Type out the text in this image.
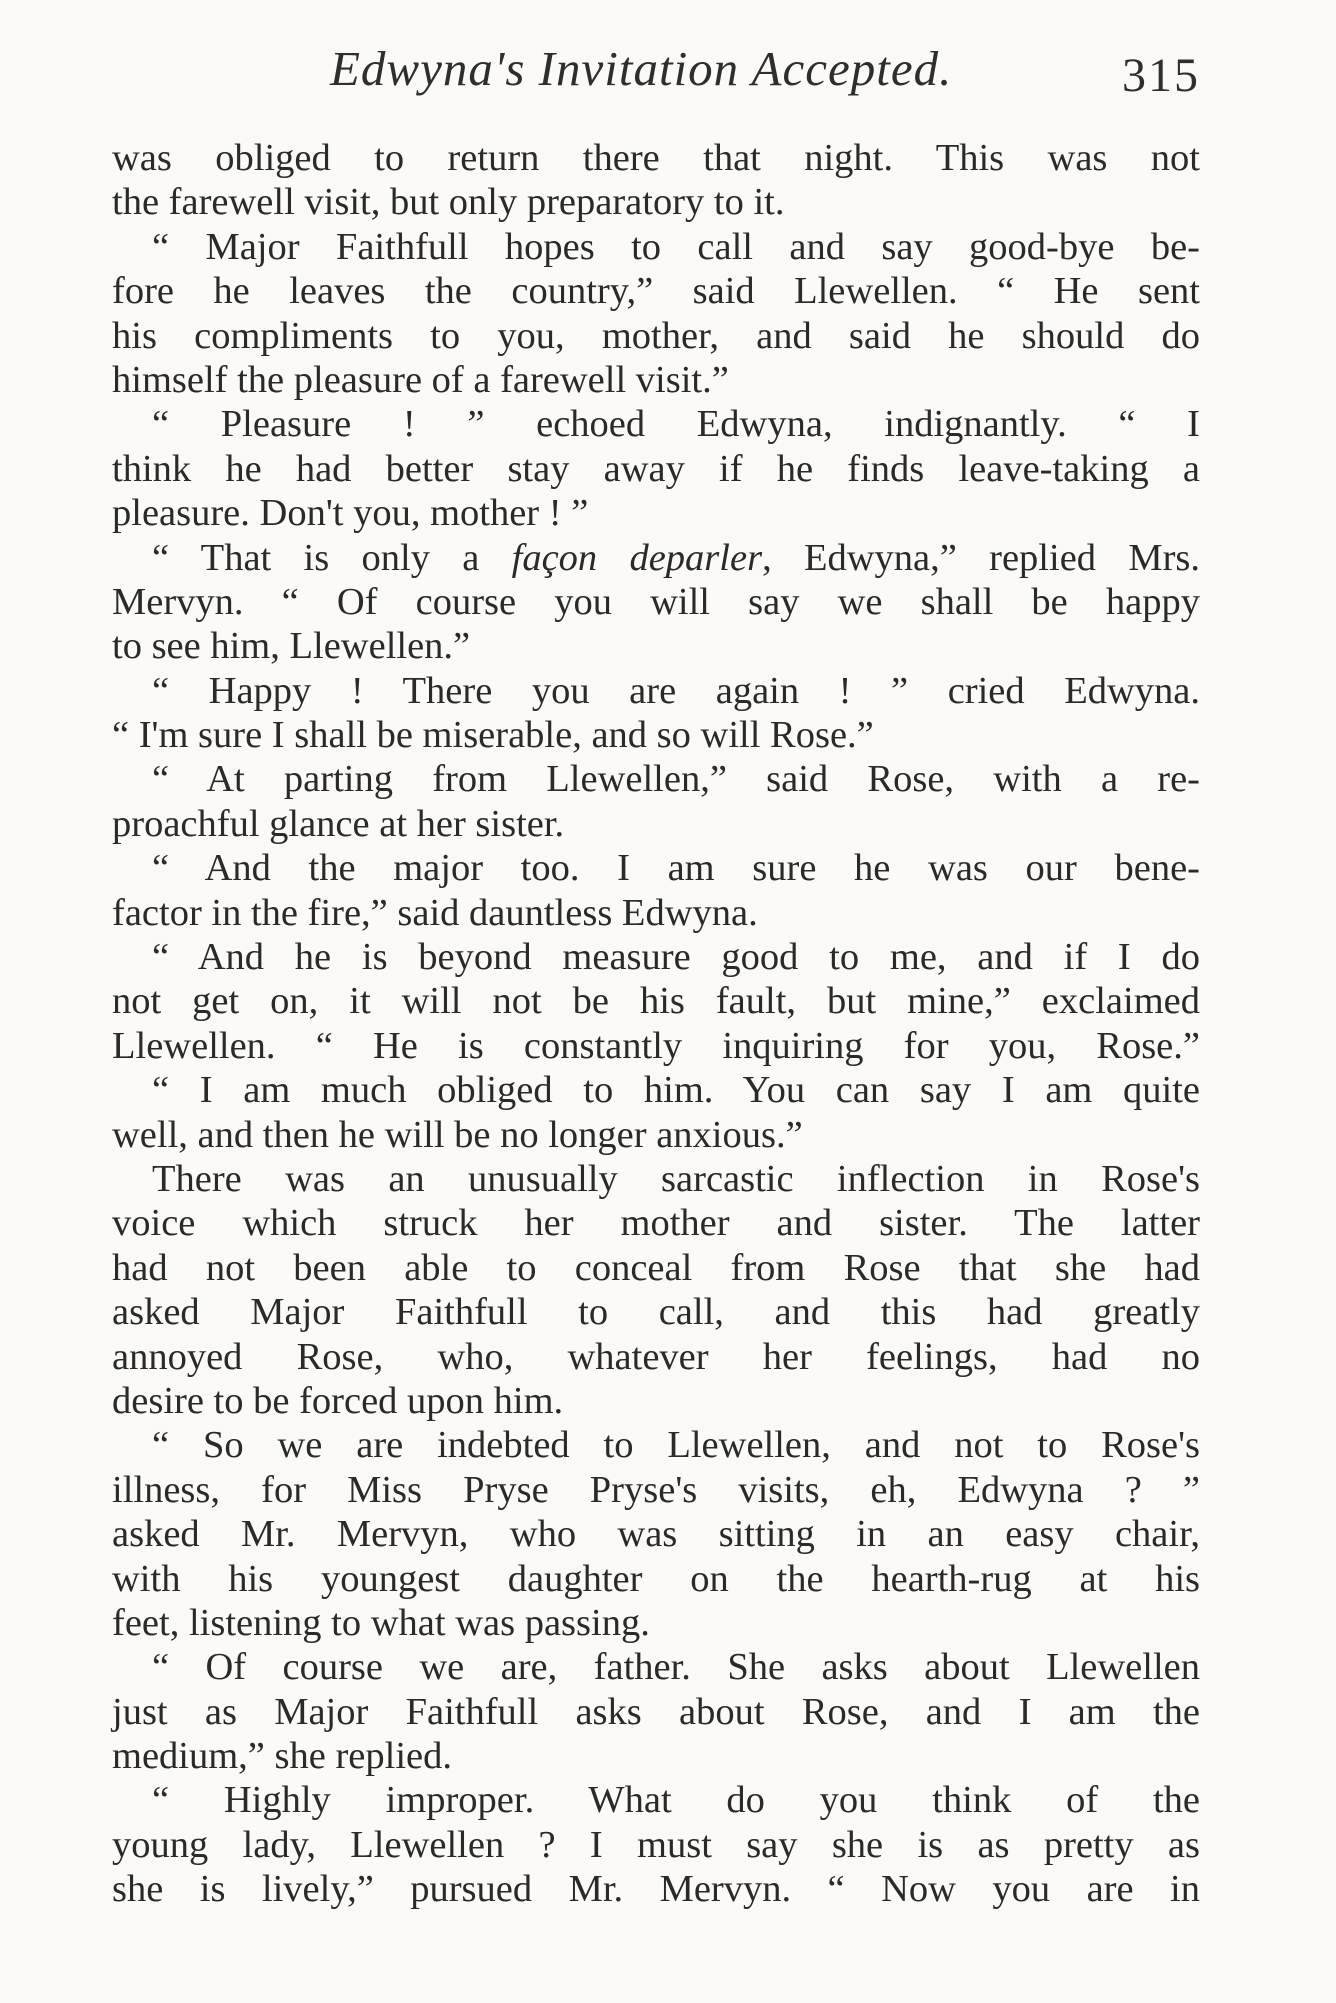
Edwyna's Invitation Accepted.	315
was obliged to return there that night. This was not
the farewell visit, but only preparatory to it.
“ Major Faithfull hopes to call and say good-bye be-
fore he leaves the country,” said Llewellen. “ He sent
his compliments to you, mother, and said he should do
himself the pleasure of a farewell visit.”
“ Pleasure ! ” echoed Edwyna, indignantly. “ I
think he had better stay away if he finds leave-taking a
pleasure. Don't you, mother ! ”
“ That is only a façon deparler, Edwyna,” replied Mrs.
Mervyn. “ Of course you will say we shall be happy
to see him, Llewellen.”
“ Happy ! There you are again ! ” cried Edwyna.
“ I'm sure I shall be miserable, and so will Rose.”
“ At parting from Llewellen,” said Rose, with a re-
proachful glance at her sister.
“ And the major too. I am sure he was our bene-
factor in the fire,” said dauntless Edwyna.
“ And he is beyond measure good to me, and if I do
not get on, it will not be his fault, but mine,” exclaimed
Llewellen. “ He is constantly inquiring for you, Rose.”
“ I am much obliged to him. You can say I am quite
well, and then he will be no longer anxious.”
There was an unusually sarcastic inflection in Rose's
voice which struck her mother and sister. The latter
had not been able to conceal from Rose that she had
asked Major Faithfull to call, and this had greatly
annoyed Rose, who, whatever her feelings, had no
desire to be forced upon him.
“ So we are indebted to Llewellen, and not to Rose's
illness, for Miss Pryse Pryse's visits, eh, Edwyna ? ”
asked Mr. Mervyn, who was sitting in an easy chair,
with his youngest daughter on the hearth-rug at his
feet, listening to what was passing.
“ Of course we are, father. She asks about Llewellen
just as Major Faithfull asks about Rose, and I am the
medium,” she replied.
“ Highly improper. What do you think of the
young lady, Llewellen ? I must say she is as pretty as
she is lively,” pursued Mr. Mervyn. “ Now you are in
